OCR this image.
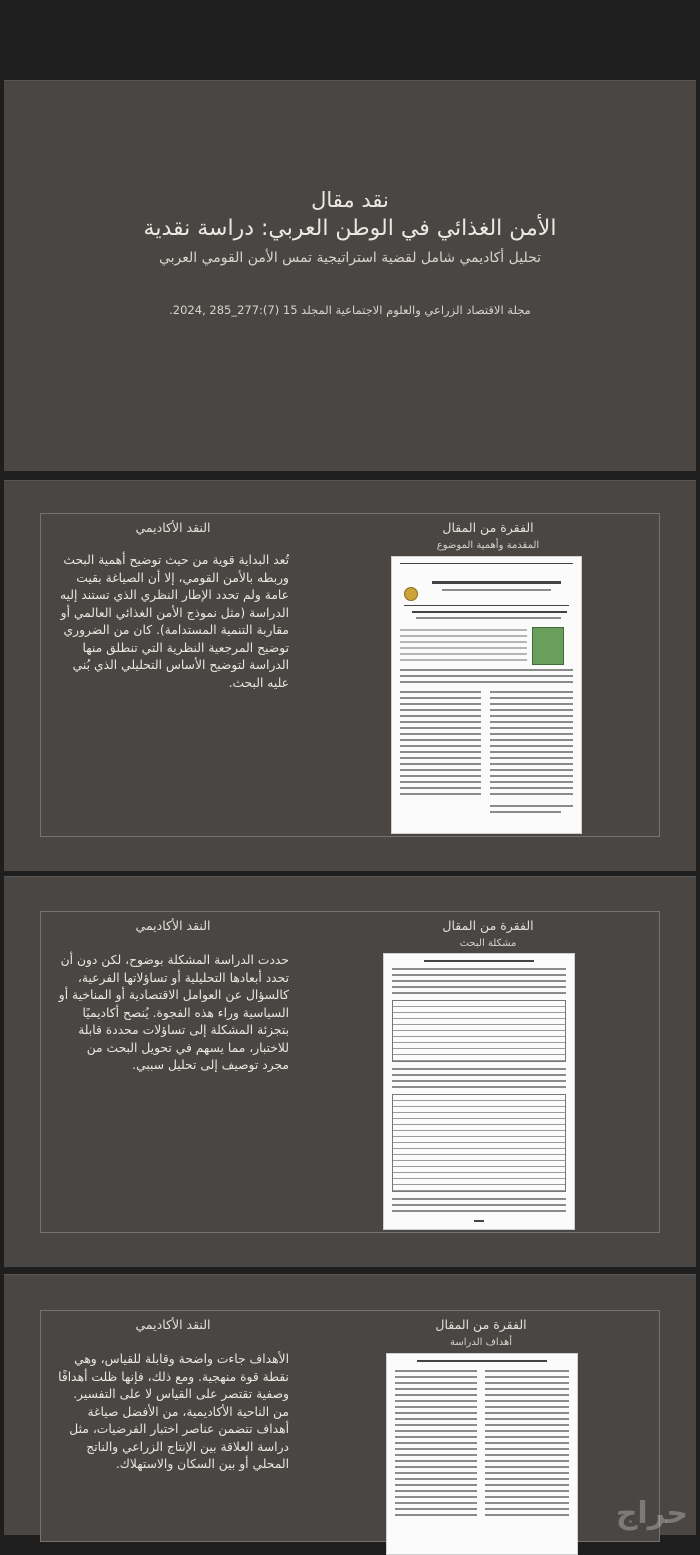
نقد مقال

الأمن الغذائي في الوطن العربي: دراسة نقدية

تحليل أكاديمي شامل لقضية استراتيجية تمس الأمن القومي العربي

مجلة الاقتصاد الزراعي والعلوم الاجتماعية المجلد 15 (7):277_285 ,2024.

الفقرة من المقال
المقدمة وأهمية الموضوع
النقد الأكاديمي
تُعد البداية قوية من حيث توضيح أهمية البحث وربطه بالأمن القومي، إلا أن الصياغة بقيت عامة ولم تحدد الإطار النظري الذي تستند إليه الدراسة (مثل نموذج الأمن الغذائي العالمي أو مقاربة التنمية المستدامة). كان من الضروري توضيح المرجعية النظرية التي تنطلق منها الدراسة لتوضيح الأساس التحليلي الذي بُني عليه البحث.
الفقرة من المقال
مشكلة البحث
النقد الأكاديمي
حددت الدراسة المشكلة بوضوح، لكن دون أن تحدد أبعادها التحليلية أو تساؤلاتها الفرعية، كالسؤال عن العوامل الاقتصادية أو المناخية أو السياسية وراء هذه الفجوة. يُنصح أكاديميًا بتجزئة المشكلة إلى تساؤلات محددة قابلة للاختبار، مما يسهم في تحويل البحث من مجرد توصيف إلى تحليل سببي.
الفقرة من المقال
أهداف الدراسة
النقد الأكاديمي
الأهداف جاءت واضحة وقابلة للقياس، وهي نقطة قوة منهجية. ومع ذلك، فإنها ظلت أهدافًا وصفية تقتصر على القياس لا على التفسير. من الناحية الأكاديمية، من الأفضل صياغة أهداف تتضمن عناصر اختبار الفرضيات، مثل دراسة العلاقة بين الإنتاج الزراعي والناتج المحلي أو بين السكان والاستهلاك.
حراج
